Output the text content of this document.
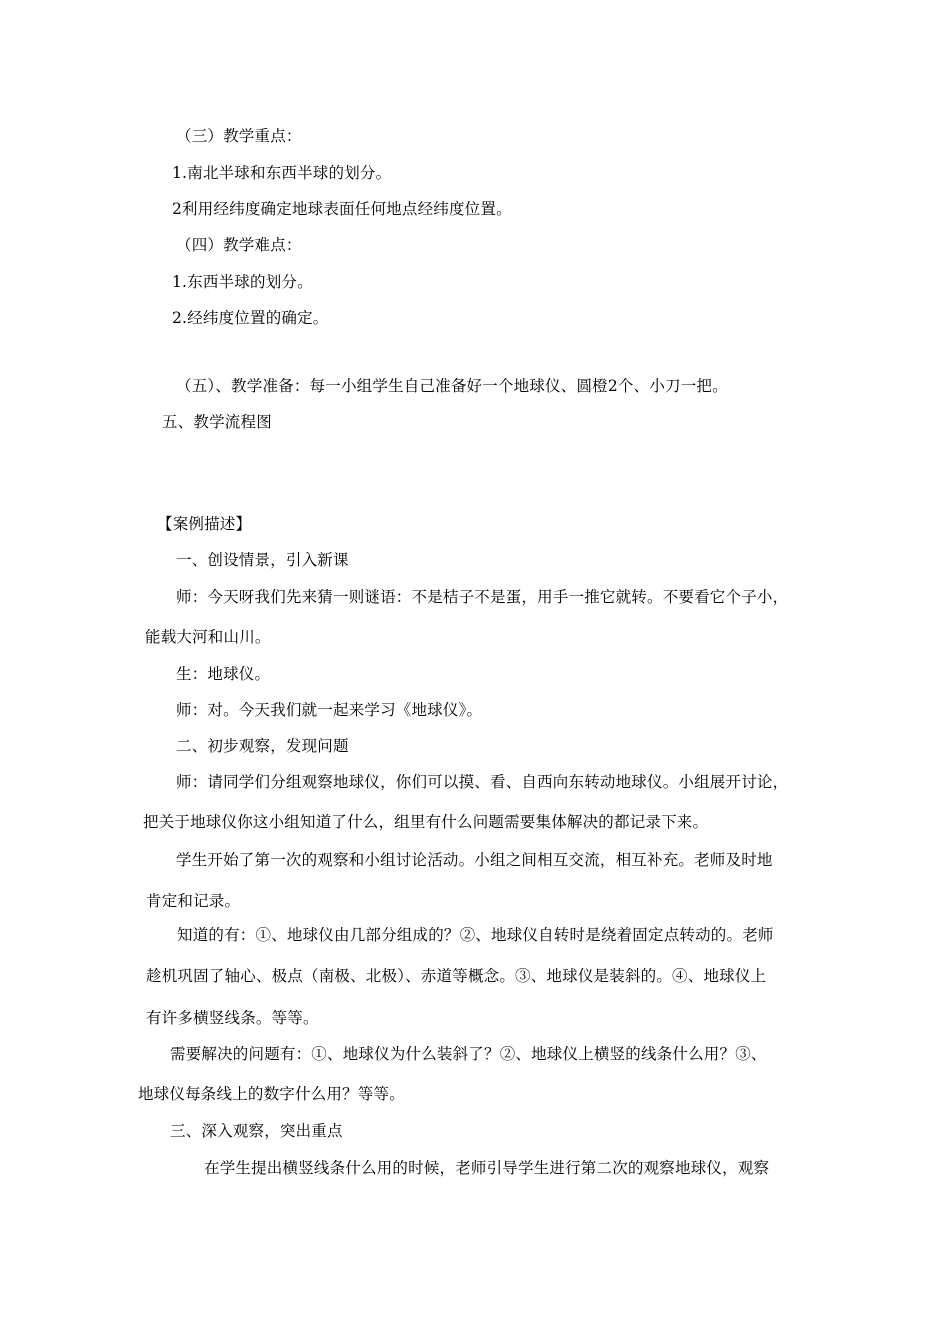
（三）教学重点：
1.南北半球和东西半球的划分。
2利用经纬度确定地球表面任何地点经纬度位置。
（四）教学难点：
1.东西半球的划分。
2.经纬度位置的确定。
（五）、教学准备：每一小组学生自己准备好一个地球仪、圆橙2个、小刀一把。
五、教学流程图
【案例描述】
一、创设情景，引入新课
师：今天呀我们先来猜一则谜语：不是桔子不是蛋，用手一推它就转。不要看它个子小，
能载大河和山川。
生：地球仪。
师：对。今天我们就一起来学习《地球仪》。
二、初步观察，发现问题
师：请同学们分组观察地球仪，你们可以摸、看、自西向东转动地球仪。小组展开讨论，
把关于地球仪你这小组知道了什么，组里有什么问题需要集体解决的都记录下来。
学生开始了第一次的观察和小组讨论活动。小组之间相互交流，相互补充。老师及时地
肯定和记录。
知道的有：①、地球仪由几部分组成的？②、地球仪自转时是绕着固定点转动的。老师
趁机巩固了轴心、极点（南极、北极）、赤道等概念。③、地球仪是装斜的。④、地球仪上
有许多横竖线条。等等。
需要解决的问题有：①、地球仪为什么装斜了？②、地球仪上横竖的线条什么用？③、
地球仪每条线上的数字什么用？等等。
三、深入观察，突出重点
在学生提出横竖线条什么用的时候，老师引导学生进行第二次的观察地球仪，观察
